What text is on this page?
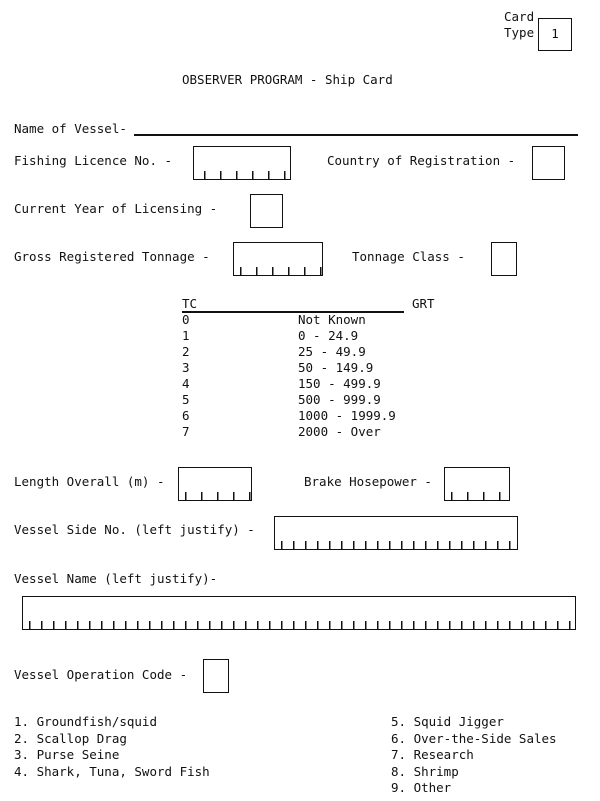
Card
Type	1
OBSERVER PROGRAM - Ship Card
Name of Vessel-
Fishing Licence No. -	Country of Registration -
Current Year of Licensing -
Gross Registered Tonnage -	Tonnage Class -
TC	GRT
0	Not Known
1	0 - 24.9
2	25 - 49.9
3	50 - 149.9
4	150 - 499.9
5	500 - 999.9
6	1000 - 1999.9
7	2000 - Over
Length Overall (m) -	Brake Hosepower -
Vessel Side No. (left justify) -
Vessel Name (left justify)-
Vessel Operation Code -
1. Groundfish/squid
2. Scallop Drag
3. Purse Seine
4. Shark, Tuna, Sword Fish
5. Squid Jigger
6. Over-the-Side Sales
7. Research
8. Shrimp
9. Other
